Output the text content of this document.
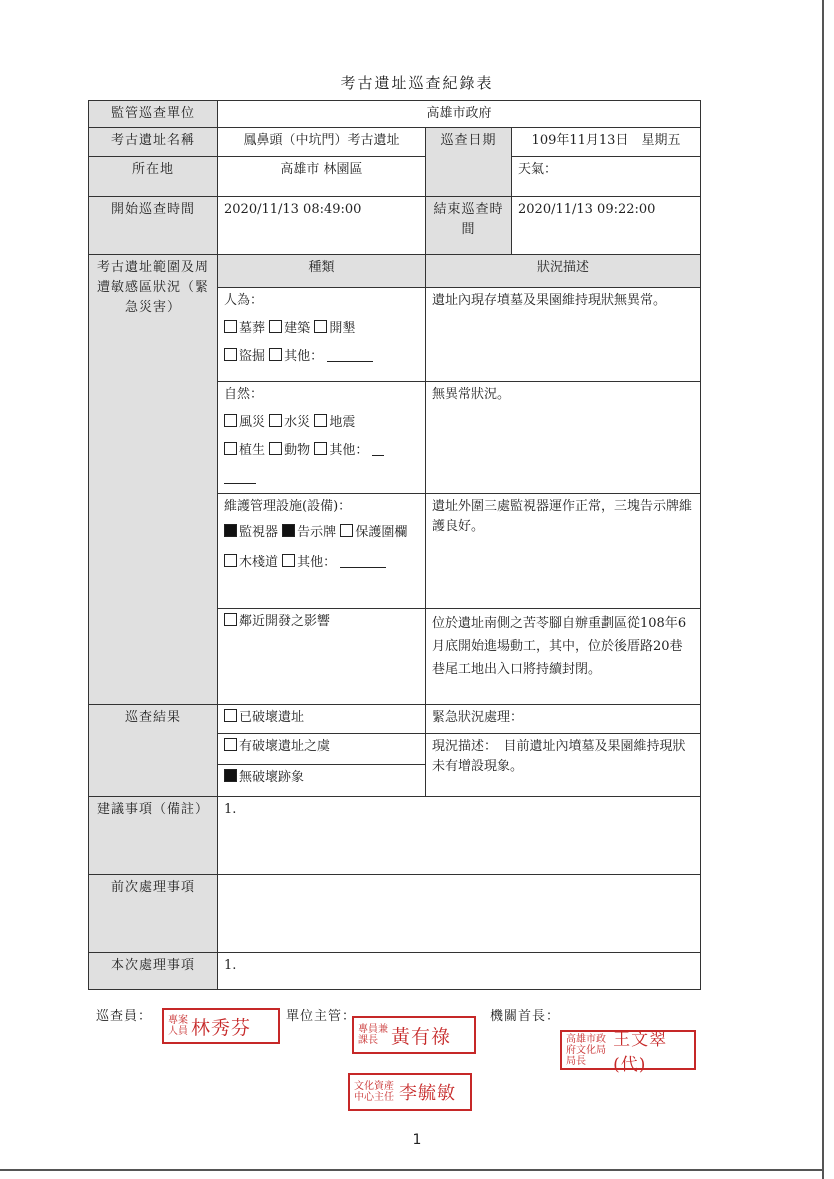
考古遺址巡查紀錄表
監管巡查單位	高雄市政府		
考古遺址名稱	鳳鼻頭（中坑門）考古遺址	巡查日期	109年11月13日　星期五
所在地	高雄市 林園區		天氣：
開始巡查時間	2020/11/13 08:49:00	結束巡查時間	2020/11/13 09:22:00
考古遺址範圍及周遭敏感區狀況（緊急災害）	種類	狀況描述	

	人為：
墓葬 建築 開墾
盜掘 其他：	遺址內現存墳墓及果園維持現狀無異常。	

	自然：
風災 水災 地震
植生 動物 其他：	無異常狀況。	

	維護管理設施(設備)：
監視器 告示牌 保護圍欄
木棧道 其他：	遺址外圍三處監視器運作正常，三塊告示牌維護良好。	
	鄰近開發之影響	位於遺址南側之苦苓腳自辦重劃區從108年6月底開始進場動工，其中，位於後厝路20巷巷尾工地出入口將持續封閉。	
巡查結果	已破壞遺址	緊急狀況處理：	
	有破壞遺址之虞	現況描述：　目前遺址內墳墓及果園維持現狀未有增設現象。	
	無破壞跡象		
建議事項（備註）	1.		
前次處理事項			
本次處理事項	1.		
巡查員：	單位主管：	機關首長：
專案人員 林秀芬	專員兼課長 黃有祿	高雄市政府文化局局長
王文翠(代)
文化資產中心主任 李毓敏
1
